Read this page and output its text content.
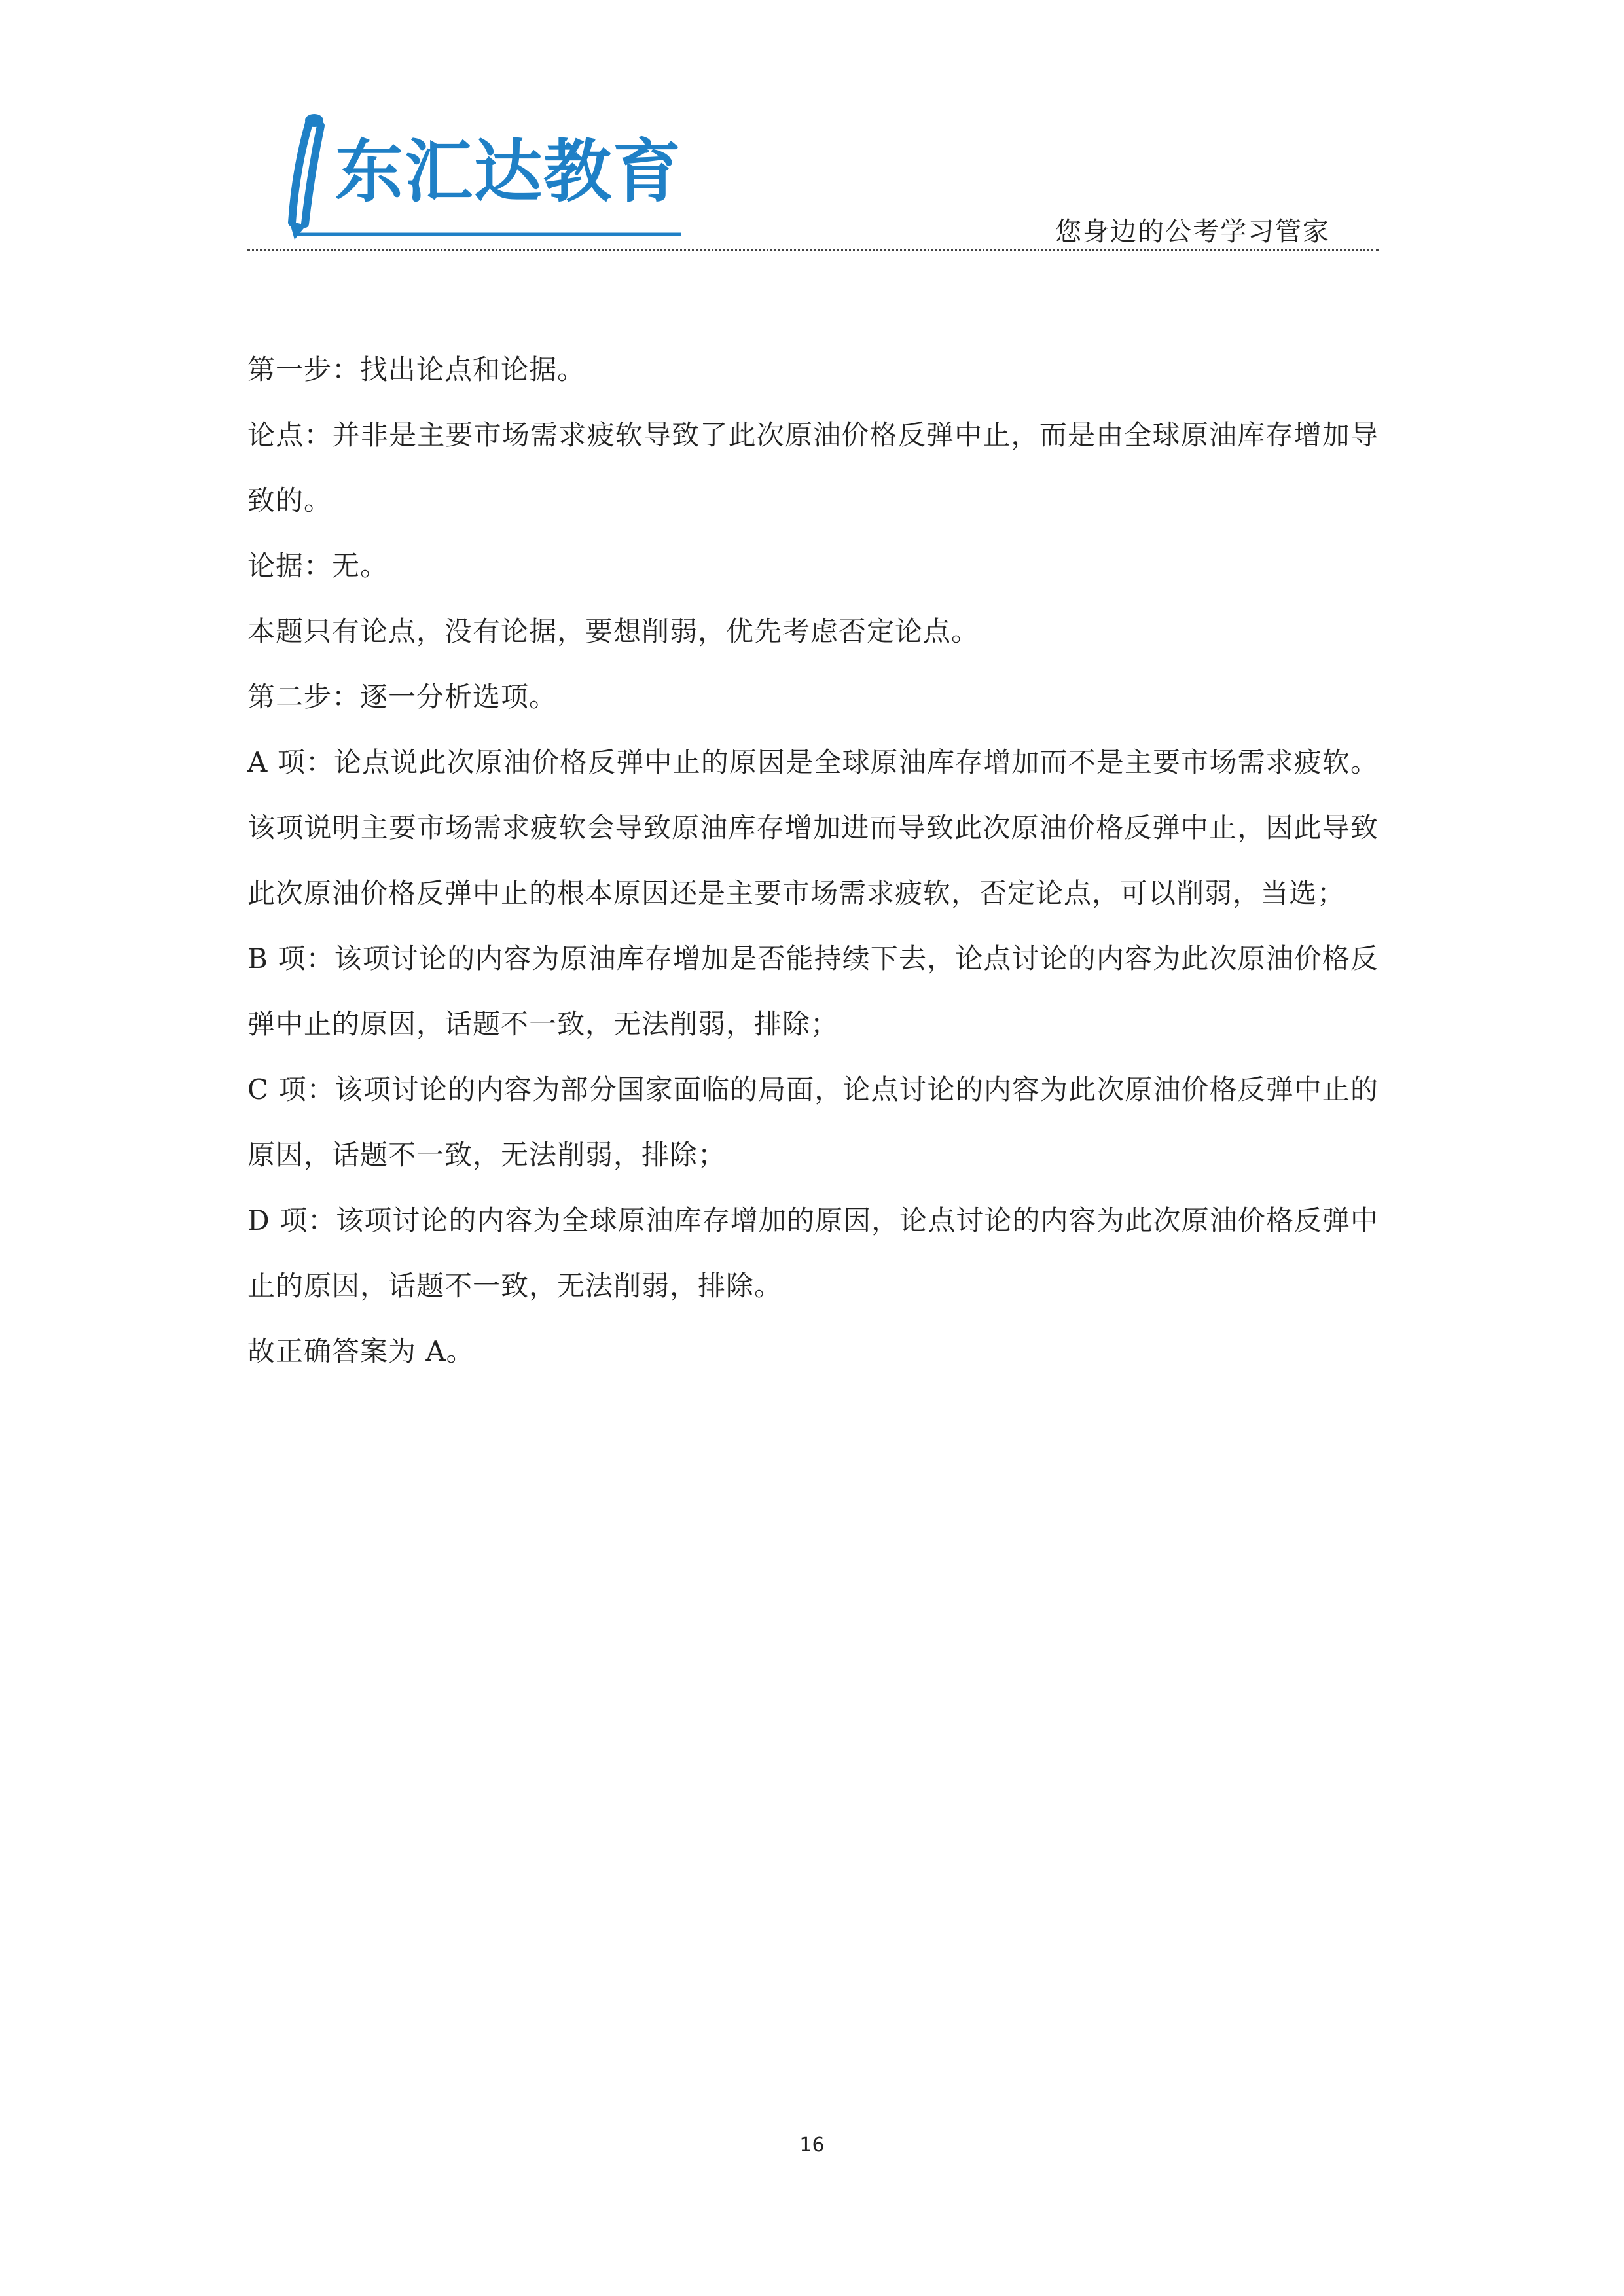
东汇达教育
您身边的公考学习管家

第一步：找出论点和论据。

论点：并非是主要市场需求疲软导致了此次原油价格反弹中止，而是由全球原油库存增加导致的。

论据：无。

本题只有论点，没有论据，要想削弱，优先考虑否定论点。

第二步：逐一分析选项。

A 项：论点说此次原油价格反弹中止的原因是全球原油库存增加而不是主要市场需求疲软。该项说明主要市场需求疲软会导致原油库存增加进而导致此次原油价格反弹中止，因此导致此次原油价格反弹中止的根本原因还是主要市场需求疲软，否定论点，可以削弱，当选；

B 项：该项讨论的内容为原油库存增加是否能持续下去，论点讨论的内容为此次原油价格反弹中止的原因，话题不一致，无法削弱，排除；

C 项：该项讨论的内容为部分国家面临的局面，论点讨论的内容为此次原油价格反弹中止的原因，话题不一致，无法削弱，排除；

D 项：该项讨论的内容为全球原油库存增加的原因，论点讨论的内容为此次原油价格反弹中止的原因，话题不一致，无法削弱，排除。

故正确答案为 A。

16
